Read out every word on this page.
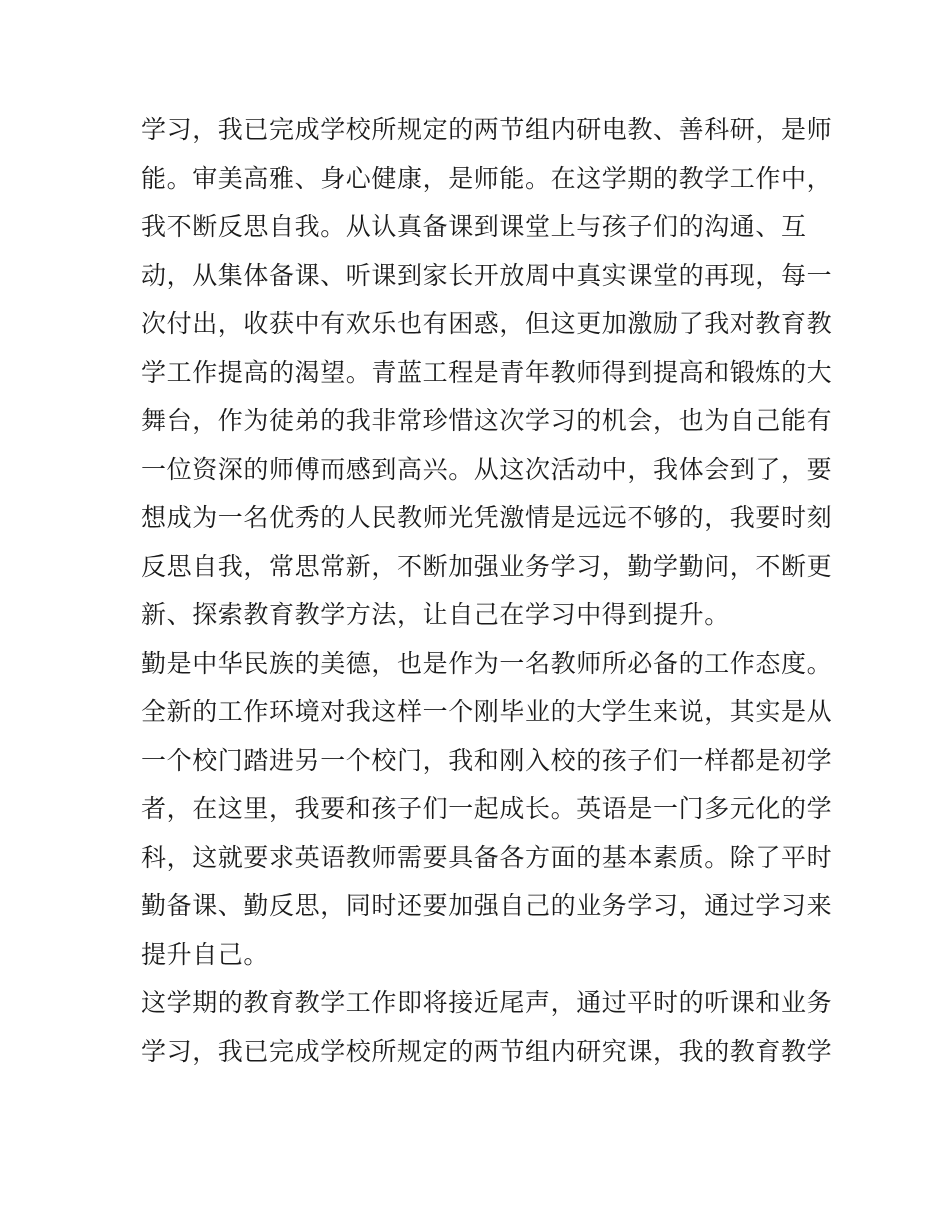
学习，我已完成学校所规定的两节组内研电教、善科研，是师
能。审美高雅、身心健康，是师能。在这学期的教学工作中，
我不断反思自我。从认真备课到课堂上与孩子们的沟通、互
动，从集体备课、听课到家长开放周中真实课堂的再现，每一
次付出，收获中有欢乐也有困惑，但这更加激励了我对教育教
学工作提高的渴望。青蓝工程是青年教师得到提高和锻炼的大
舞台，作为徒弟的我非常珍惜这次学习的机会，也为自己能有
一位资深的师傅而感到高兴。从这次活动中，我体会到了，要
想成为一名优秀的人民教师光凭激情是远远不够的，我要时刻
反思自我，常思常新，不断加强业务学习，勤学勤问，不断更
新、探索教育教学方法，让自己在学习中得到提升。
勤是中华民族的美德，也是作为一名教师所必备的工作态度。
全新的工作环境对我这样一个刚毕业的大学生来说，其实是从
一个校门踏进另一个校门，我和刚入校的孩子们一样都是初学
者，在这里，我要和孩子们一起成长。英语是一门多元化的学
科，这就要求英语教师需要具备各方面的基本素质。除了平时
勤备课、勤反思，同时还要加强自己的业务学习，通过学习来
提升自己。
这学期的教育教学工作即将接近尾声，通过平时的听课和业务
学习，我已完成学校所规定的两节组内研究课，我的教育教学
